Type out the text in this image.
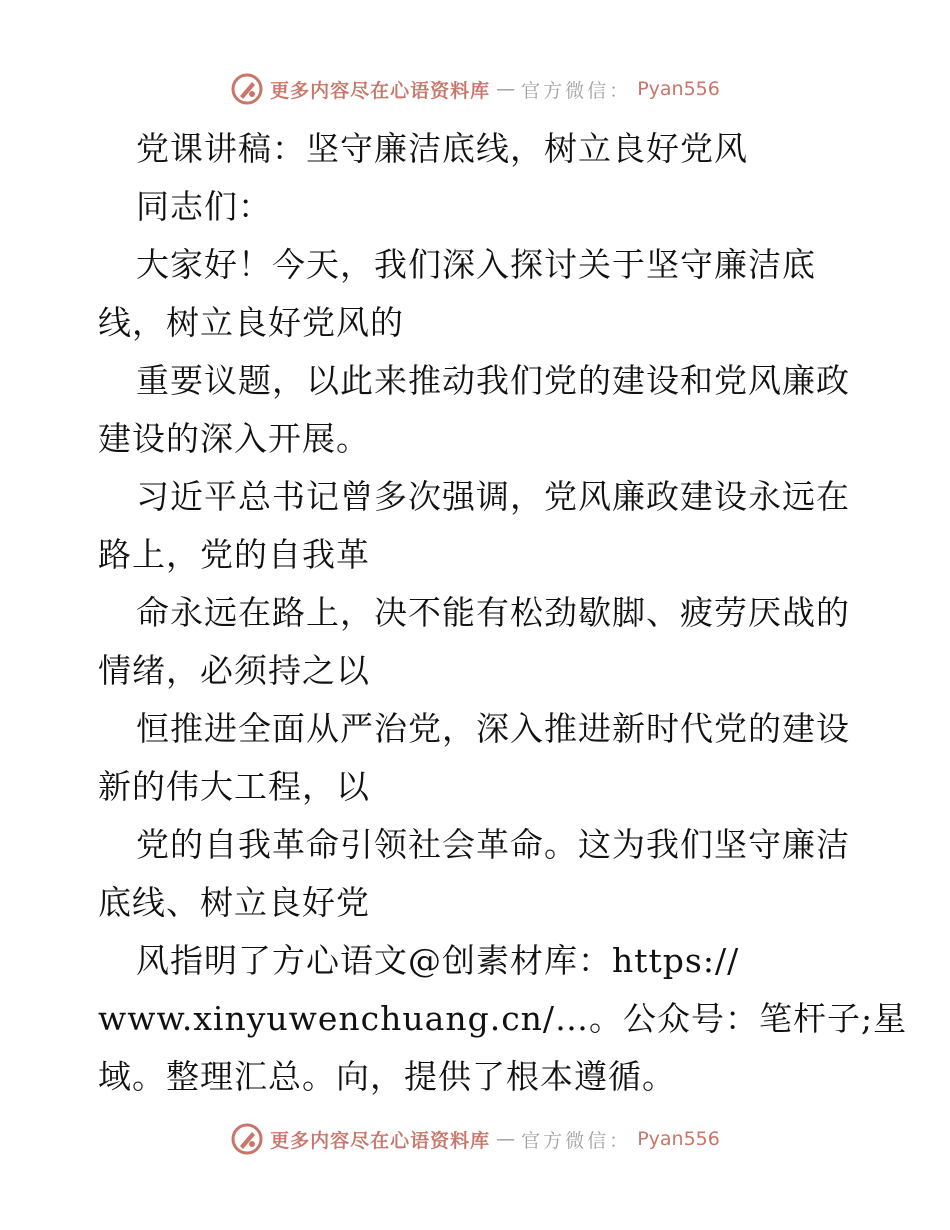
更多内容尽在心语资料库 — 官方微信： Pyan556
党课讲稿：坚守廉洁底线，树立良好党风
同志们：
大家好！今天，我们深入探讨关于坚守廉洁底
线，树立良好党风的
重要议题，以此来推动我们党的建设和党风廉政
建设的深入开展。
习近平总书记曾多次强调，党风廉政建设永远在
路上，党的自我革
命永远在路上，决不能有松劲歇脚、疲劳厌战的
情绪，必须持之以
恒推进全面从严治党，深入推进新时代党的建设
新的伟大工程，以
党的自我革命引领社会革命。这为我们坚守廉洁
底线、树立良好党
风指明了方心语文@创素材库：https://
www.xinyuwenchuang.cn/…。公众号：笔杆子;星
域。整理汇总。向，提供了根本遵循。
更多内容尽在心语资料库 — 官方微信： Pyan556
